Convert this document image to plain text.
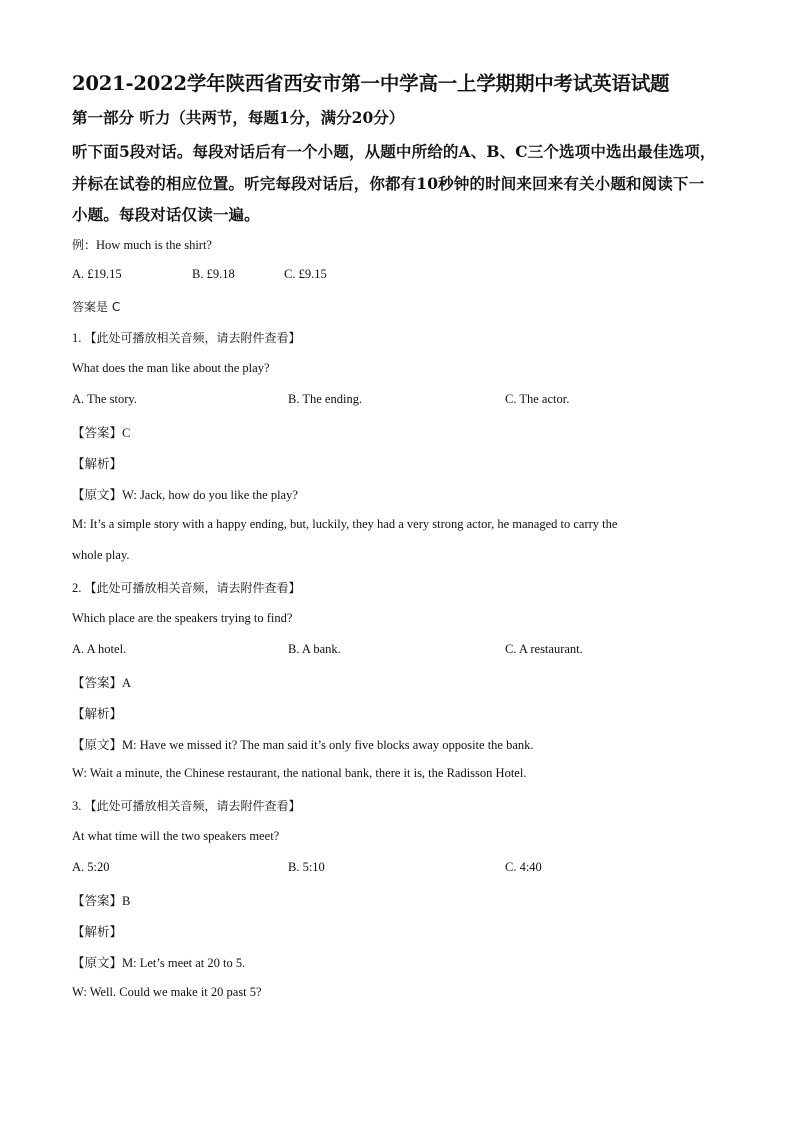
2021-2022学年陕西省西安市第一中学高一上学期期中考试英语试题
第一部分 听力（共两节，每题1分，满分20分）
听下面5段对话。每段对话后有一个小题，从题中所给的A、B、C三个选项中选出最佳选项，
并标在试卷的相应位置。听完每段对话后，你都有10秒钟的时间来回来有关小题和阅读下一
小题。每段对话仅读一遍。
例：How much is the shirt?
A. £19.15	B. £9.18	C. £9.15
答案是 C
1. 【此处可播放相关音频，请去附件查看】
What does the man like about the play?
A. The story.	B. The ending.	C. The actor.
【答案】C
【解析】
【原文】W: Jack, how do you like the play?
M: It’s a simple story with a happy ending, but, luckily, they had a very strong actor, he managed to carry the
whole play.
2. 【此处可播放相关音频，请去附件查看】
Which place are the speakers trying to find?
A. A hotel.	B. A bank.	C. A restaurant.
【答案】A
【解析】
【原文】M: Have we missed it? The man said it’s only five blocks away opposite the bank.
W: Wait a minute, the Chinese restaurant, the national bank, there it is, the Radisson Hotel.
3. 【此处可播放相关音频，请去附件查看】
At what time will the two speakers meet?
A. 5:20	B. 5:10	C. 4:40
【答案】B
【解析】
【原文】M: Let’s meet at 20 to 5.
W: Well. Could we make it 20 past 5?
